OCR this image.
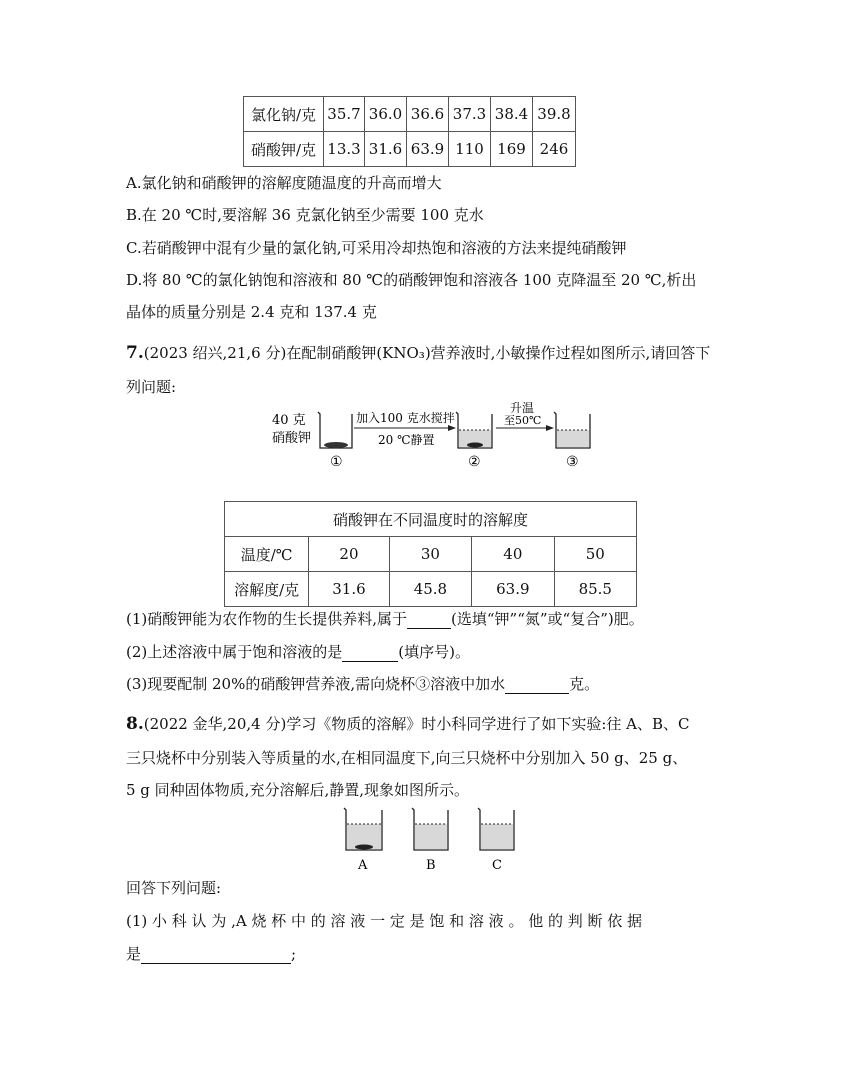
氯化钠/克	35.7	36.0	36.6	37.3	38.4	39.8
硝酸钾/克	13.3	31.6	63.9	110	169	246
A.氯化钠和硝酸钾的溶解度随温度的升高而增大
B.在 20 ℃时,要溶解 36 克氯化钠至少需要 100 克水
C.若硝酸钾中混有少量的氯化钠,可采用冷却热饱和溶液的方法来提纯硝酸钾
D.将 80 ℃的氯化钠饱和溶液和 80 ℃的硝酸钾饱和溶液各 100 克降温至 20 ℃,析出
晶体的质量分别是 2.4 克和 137.4 克
7.(2023 绍兴,21,6 分)在配制硝酸钾(KNO₃)营养液时,小敏操作过程如图所示,请回答下
列问题:
40 克
硝酸钾
①
加入100 克水搅拌
20 ℃静置
②
升温
至50℃
③
硝酸钾在不同温度时的溶解度				
温度/℃	20	30	40	50
溶解度/克	31.6	45.8	63.9	85.5
(1)硝酸钾能为农作物的生长提供养料,属于	(选填“钾”“氮”或“复合”)肥。
(2)上述溶液中属于饱和溶液的是	(填序号)。
(3)现要配制 20%的硝酸钾营养液,需向烧杯③溶液中加水	克。
8.(2022 金华,20,4 分)学习《物质的溶解》时小科同学进行了如下实验:往 A、B、C
三只烧杯中分别装入等质量的水,在相同温度下,向三只烧杯中分别加入 50 g、25 g、
5 g 同种固体物质,充分溶解后,静置,现象如图所示。
A	B	C
回答下列问题:
(1) 小 科 认 为 ,A 烧 杯 中 的 溶 液 一 定 是 饱 和 溶 液 。 他 的 判 断 依 据
是	;
